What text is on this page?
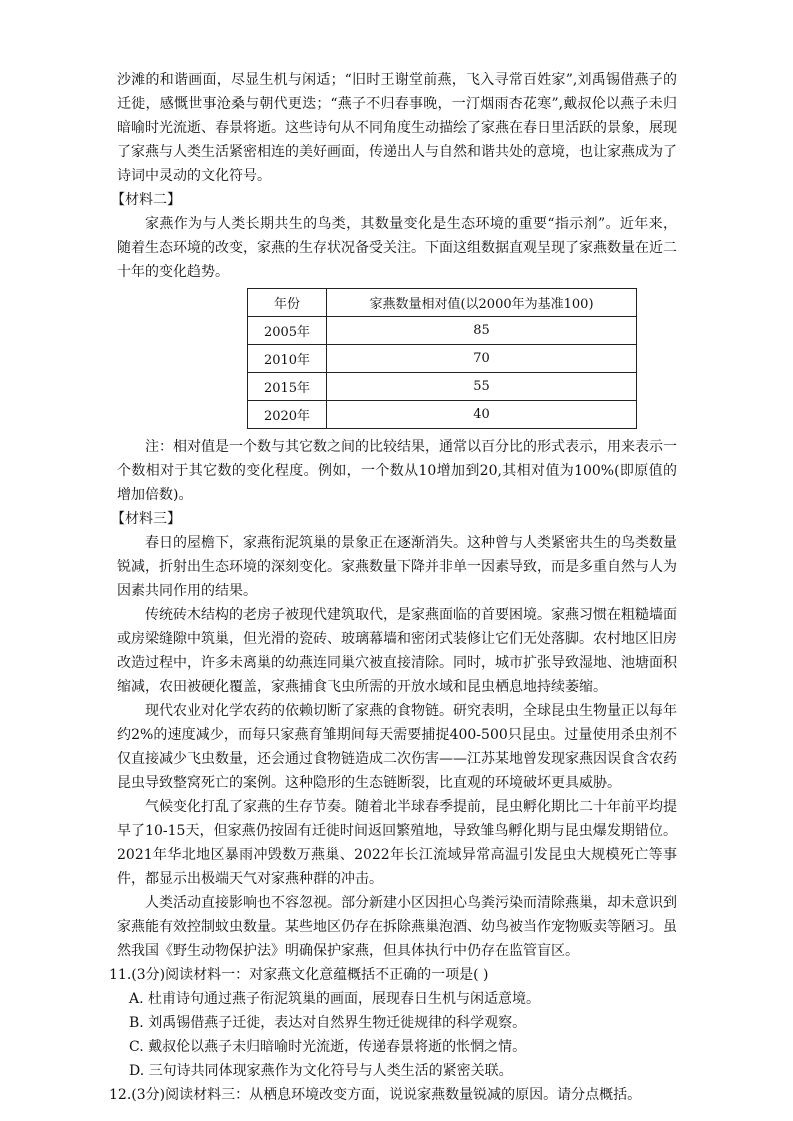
沙滩的和谐画面，尽显生机与闲适；“旧时王谢堂前燕，飞入寻常百姓家”,刘禹锡借燕子的迁徙，感慨世事沧桑与朝代更迭；“燕子不归春事晚，一汀烟雨杏花寒”,戴叔伦以燕子未归暗喻时光流逝、春景将逝。这些诗句从不同角度生动描绘了家燕在春日里活跃的景象，展现了家燕与人类生活紧密相连的美好画面，传递出人与自然和谐共处的意境，也让家燕成为了诗词中灵动的文化符号。

【材料二】

家燕作为与人类长期共生的鸟类，其数量变化是生态环境的重要“指示剂”。近年来，随着生态环境的改变，家燕的生存状况备受关注。下面这组数据直观呈现了家燕数量在近二十年的变化趋势。

年份	家燕数量相对值(以2000年为基准100)
2005年	85
2010年	70
2015年	55
2020年	40

注：相对值是一个数与其它数之间的比较结果，通常以百分比的形式表示，用来表示一个数相对于其它数的变化程度。例如，一个数从10增加到20,其相对值为100%(即原值的增加倍数)。

【材料三】

春日的屋檐下，家燕衔泥筑巢的景象正在逐渐消失。这种曾与人类紧密共生的鸟类数量锐减，折射出生态环境的深刻变化。家燕数量下降并非单一因素导致，而是多重自然与人为因素共同作用的结果。

传统砖木结构的老房子被现代建筑取代，是家燕面临的首要困境。家燕习惯在粗糙墙面或房梁缝隙中筑巢，但光滑的瓷砖、玻璃幕墙和密闭式装修让它们无处落脚。农村地区旧房改造过程中，许多未离巢的幼燕连同巢穴被直接清除。同时，城市扩张导致湿地、池塘面积缩减，农田被硬化覆盖，家燕捕食飞虫所需的开放水域和昆虫栖息地持续萎缩。

现代农业对化学农药的依赖切断了家燕的食物链。研究表明，全球昆虫生物量正以每年约2%的速度减少，而每只家燕育雏期间每天需要捕捉400-500只昆虫。过量使用杀虫剂不仅直接减少飞虫数量，还会通过食物链造成二次伤害——江苏某地曾发现家燕因误食含农药昆虫导致整窝死亡的案例。这种隐形的生态链断裂，比直观的环境破坏更具威胁。

气候变化打乱了家燕的生存节奏。随着北半球春季提前，昆虫孵化期比二十年前平均提早了10-15天，但家燕仍按固有迁徙时间返回繁殖地，导致雏鸟孵化期与昆虫爆发期错位。2021年华北地区暴雨冲毁数万燕巢、2022年长江流域异常高温引发昆虫大规模死亡等事件，都显示出极端天气对家燕种群的冲击。

人类活动直接影响也不容忽视。部分新建小区因担心鸟粪污染而清除燕巢，却未意识到家燕能有效控制蚊虫数量。某些地区仍存在拆除燕巢泡酒、幼鸟被当作宠物贩卖等陋习。虽然我国《野生动物保护法》明确保护家燕，但具体执行中仍存在监管盲区。

11.(3分)阅读材料一：对家燕文化意蕴概括不正确的一项是( )
A. 杜甫诗句通过燕子衔泥筑巢的画面，展现春日生机与闲适意境。
B. 刘禹锡借燕子迁徙，表达对自然界生物迁徙规律的科学观察。
C. 戴叔伦以燕子未归暗喻时光流逝，传递春景将逝的怅惘之情。
D. 三句诗共同体现家燕作为文化符号与人类生活的紧密关联。
12.(3分)阅读材料三：从栖息环境改变方面，说说家燕数量锐减的原因。请分点概括。
